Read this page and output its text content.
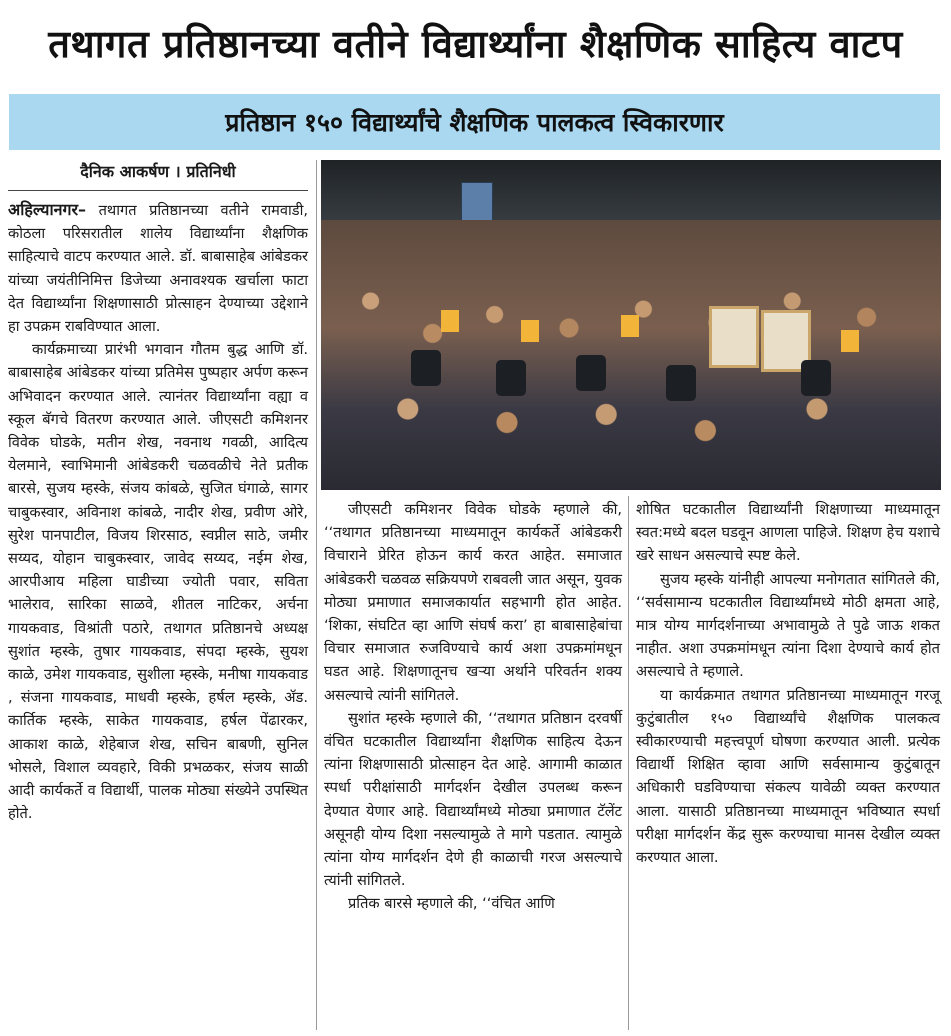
तथागत प्रतिष्ठानच्या वतीने विद्यार्थ्यांना शैक्षणिक साहित्य वाटप
प्रतिष्ठान १५० विद्यार्थ्यांचे शैक्षणिक पालकत्व स्विकारणार
दैनिक आकर्षण । प्रतिनिधी

अहिल्यानगर– तथागत प्रतिष्ठानच्या वतीने रामवाडी, कोठला परिसरातील शालेय विद्यार्थ्यांना शैक्षणिक साहित्याचे वाटप करण्यात आले. डॉ. बाबासाहेब आंबेडकर यांच्या जयंतीनिमित्त डिजेच्या अनावश्यक खर्चाला फाटा देत विद्यार्थ्यांना शिक्षणासाठी प्रोत्साहन देण्याच्या उद्देशाने हा उपक्रम राबविण्यात आला.

कार्यक्रमाच्या प्रारंभी भगवान गौतम बुद्ध आणि डॉ. बाबासाहेब आंबेडकर यांच्या प्रतिमेस पुष्पहार अर्पण करून अभिवादन करण्यात आले. त्यानंतर विद्यार्थ्यांना वह्या व स्कूल बॅगचे वितरण करण्यात आले. जीएसटी कमिशनर विवेक घोडके, मतीन शेख, नवनाथ गवळी, आदित्य येलमाने, स्वाभिमानी आंबेडकरी चळवळीचे नेते प्रतीक बारसे, सुजय म्हस्के, संजय कांबळे, सुजित घंगाळे, सागर चाबुकस्वार, अविनाश कांबळे, नादीर शेख, प्रवीण ओरे, सुरेश पानपाटील, विजय शिरसाठ, स्वप्नील साठे, जमीर सय्यद, योहान चाबुकस्वार, जावेद सय्यद, नईम शेख, आरपीआय महिला घाडीच्या ज्योती पवार, सविता भालेराव, सारिका साळवे, शीतल नाटिकर, अर्चना गायकवाड, विश्रांती पठारे, तथागत प्रतिष्ठानचे अध्यक्ष सुशांत म्हस्के, तुषार गायकवाड, संपदा म्हस्के, सुयश काळे, उमेश गायकवाड, सुशीला म्हस्के, मनीषा गायकवाड , संजना गायकवाड, माधवी म्हस्के, हर्षल म्हस्के, ॲड. कार्तिक म्हस्के, साकेत गायकवाड, हर्षल पेंढारकर, आकाश काळे, शेहेबाज शेख, सचिन बाबणी, सुनिल भोसले, विशाल व्यवहारे, विकी प्रभळकर, संजय साळी आदी कार्यकर्ते व विद्यार्थी, पालक मोठ्या संख्येने उपस्थित होते.

जीएसटी कमिशनर विवेक घोडके म्हणाले की, ‘‘तथागत प्रतिष्ठानच्या माध्यमातून कार्यकर्ते आंबेडकरी विचाराने प्रेरित होऊन कार्य करत आहेत. समाजात आंबेडकरी चळवळ सक्रियपणे राबवली जात असून, युवक मोठ्या प्रमाणात समाजकार्यात सहभागी होत आहेत. ‘शिका, संघटित व्हा आणि संघर्ष करा’ हा बाबासाहेबांचा विचार समाजात रुजविण्याचे कार्य अशा उपक्रमांमधून घडत आहे. शिक्षणातूनच खऱ्या अर्थाने परिवर्तन शक्य असल्याचे त्यांनी सांगितले.

सुशांत म्हस्के म्हणाले की, ‘‘तथागत प्रतिष्ठान दरवर्षी वंचित घटकातील विद्यार्थ्यांना शैक्षणिक साहित्य देऊन त्यांना शिक्षणासाठी प्रोत्साहन देत आहे. आगामी काळात स्पर्धा परीक्षांसाठी मार्गदर्शन देखील उपलब्ध करून देण्यात येणार आहे. विद्यार्थ्यांमध्ये मोठ्या प्रमाणात टॅलेंट असूनही योग्य दिशा नसल्यामुळे ते मागे पडतात. त्यामुळे त्यांना योग्य मार्गदर्शन देणे ही काळाची गरज असल्याचे त्यांनी सांगितले.

प्रतिक बारसे म्हणाले की, ‘‘वंचित आणि

शोषित घटकातील विद्यार्थ्यांनी शिक्षणाच्या माध्यमातून स्वत:मध्ये बदल घडवून आणला पाहिजे. शिक्षण हेच यशाचे खरे साधन असल्याचे स्पष्ट केले.

सुजय म्हस्के यांनीही आपल्या मनोगतात सांगितले की, ‘‘सर्वसामान्य घटकातील विद्यार्थ्यांमध्ये मोठी क्षमता आहे, मात्र योग्य मार्गदर्शनाच्या अभावामुळे ते पुढे जाऊ शकत नाहीत. अशा उपक्रमांमधून त्यांना दिशा देण्याचे कार्य होत असल्याचे ते म्हणाले.

या कार्यक्रमात तथागत प्रतिष्ठानच्या माध्यमातून गरजू कुटुंबातील १५० विद्यार्थ्यांचे शैक्षणिक पालकत्व स्वीकारण्याची महत्त्वपूर्ण घोषणा करण्यात आली. प्रत्येक विद्यार्थी शिक्षित व्हावा आणि सर्वसामान्य कुटुंबातून अधिकारी घडविण्याचा संकल्प यावेळी व्यक्त करण्यात आला. यासाठी प्रतिष्ठानच्या माध्यमातून भविष्यात स्पर्धा परीक्षा मार्गदर्शन केंद्र सुरू करण्याचा मानस देखील व्यक्त करण्यात आला.
